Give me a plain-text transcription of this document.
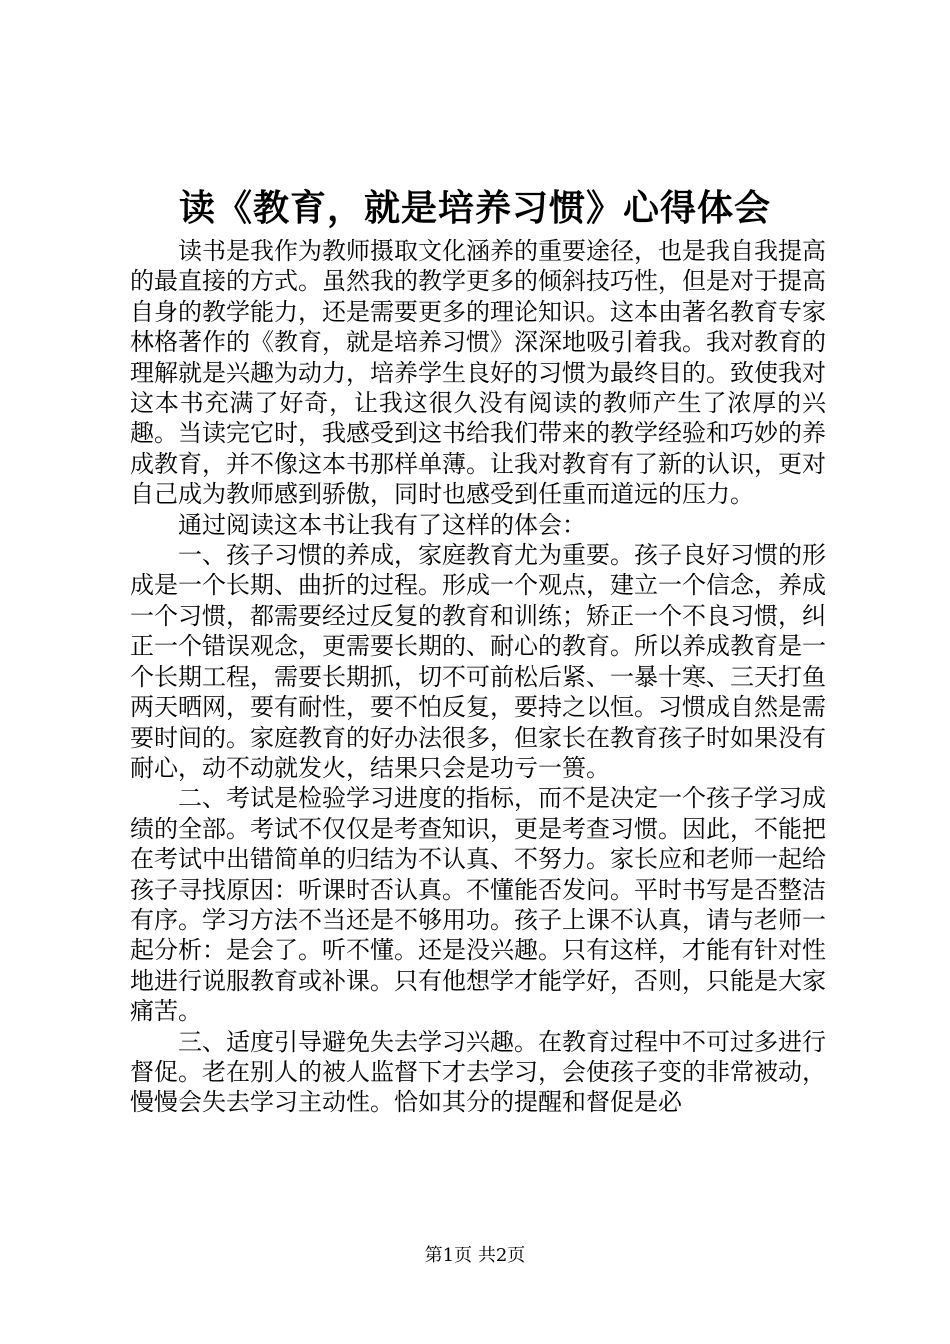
读《教育，就是培养习惯》心得体会

读书是我作为教师摄取文化涵养的重要途径，也是我自我提高的最直接的方式。虽然我的教学更多的倾斜技巧性，但是对于提高自身的教学能力，还是需要更多的理论知识。这本由著名教育专家林格著作的《教育，就是培养习惯》深深地吸引着我。我对教育的理解就是兴趣为动力，培养学生良好的习惯为最终目的。致使我对这本书充满了好奇，让我这很久没有阅读的教师产生了浓厚的兴趣。当读完它时，我感受到这书给我们带来的教学经验和巧妙的养成教育，并不像这本书那样单薄。让我对教育有了新的认识，更对自己成为教师感到骄傲，同时也感受到任重而道远的压力。

通过阅读这本书让我有了这样的体会：

一、孩子习惯的养成，家庭教育尤为重要。孩子良好习惯的形成是一个长期、曲折的过程。形成一个观点，建立一个信念，养成一个习惯，都需要经过反复的教育和训练；矫正一个不良习惯，纠正一个错误观念，更需要长期的、耐心的教育。所以养成教育是一个长期工程，需要长期抓，切不可前松后紧、一暴十寒、三天打鱼两天晒网，要有耐性，要不怕反复，要持之以恒。习惯成自然是需要时间的。家庭教育的好办法很多，但家长在教育孩子时如果没有耐心，动不动就发火，结果只会是功亏一篑。

二、考试是检验学习进度的指标，而不是决定一个孩子学习成绩的全部。考试不仅仅是考查知识，更是考查习惯。因此，不能把在考试中出错简单的归结为不认真、不努力。家长应和老师一起给孩子寻找原因：听课时否认真。不懂能否发问。平时书写是否整洁有序。学习方法不当还是不够用功。孩子上课不认真，请与老师一起分析：是会了。听不懂。还是没兴趣。只有这样，才能有针对性地进行说服教育或补课。只有他想学才能学好，否则，只能是大家痛苦。

三、适度引导避免失去学习兴趣。在教育过程中不可过多进行督促。老在别人的被人监督下才去学习，会使孩子变的非常被动，慢慢会失去学习主动性。恰如其分的提醒和督促是必

第1页 共2页
